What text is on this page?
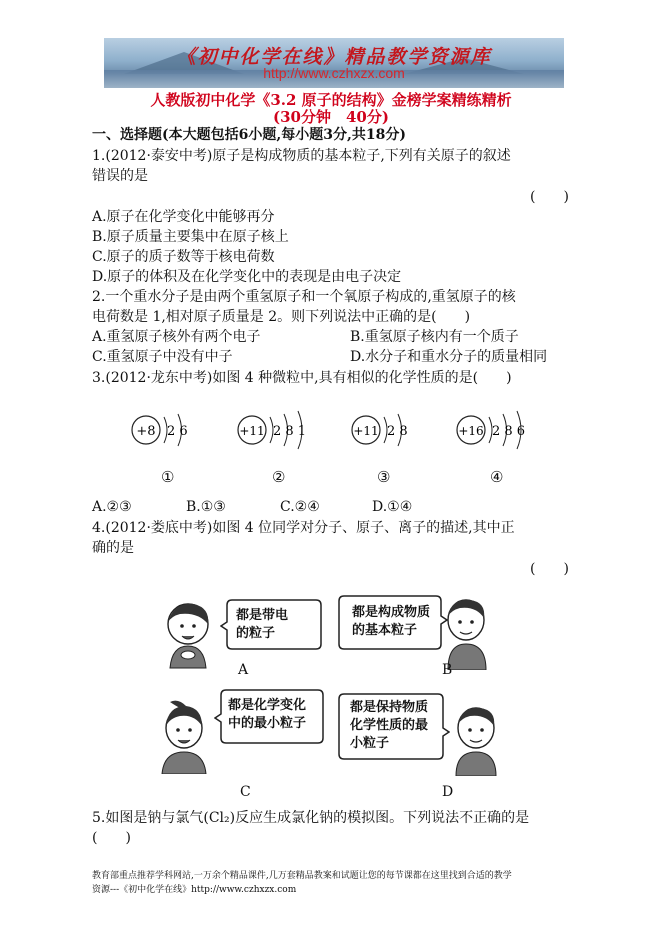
《初中化学在线》精品教学资源库
http://www.czhxzx.com
人教版初中化学《3.2 原子的结构》金榜学案精练精析
(30分钟　40分)
一、选择题(本大题包括6小题,每小题3分,共18分)
1.(2012·泰安中考)原子是构成物质的基本粒子,下列有关原子的叙述
错误的是
(　　)
A.原子在化学变化中能够再分
B.原子质量主要集中在原子核上
C.原子的质子数等于核电荷数
D.原子的体积及在化学变化中的表现是由电子决定
2.一个重水分子是由两个重氢原子和一个氧原子构成的,重氢原子的核
电荷数是 1,相对原子质量是 2。则下列说法中正确的是(　　)
A.重氢原子核外有两个电子	B.重氢原子核内有一个质子
C.重氢原子中没有中子	D.水分子和重水分子的质量相同
3.(2012·龙东中考)如图 4 种微粒中,具有相似的化学性质的是(　　)
+8 2 6	+11 2 8 1	+11 2 8	+16 2 8 6
①	②	③	④
A.②③	B.①③	C.②④	D.①④
4.(2012·娄底中考)如图 4 位同学对分子、原子、离子的描述,其中正
确的是
(　　)
都是带电
的粒子
A
都是构成物质
的基本粒子
B
都是化学变化
中的最小粒子
C
都是保持物质
化学性质的最
小粒子
D
5.如图是钠与氯气(Cl₂)反应生成氯化钠的模拟图。下列说法不正确的是
(　　)
教育部重点推荐学科网站,一万余个精品课件,几万套精品教案和试题让您的每节课都在这里找到合适的教学
资源---《初中化学在线》http://www.czhxzx.com
